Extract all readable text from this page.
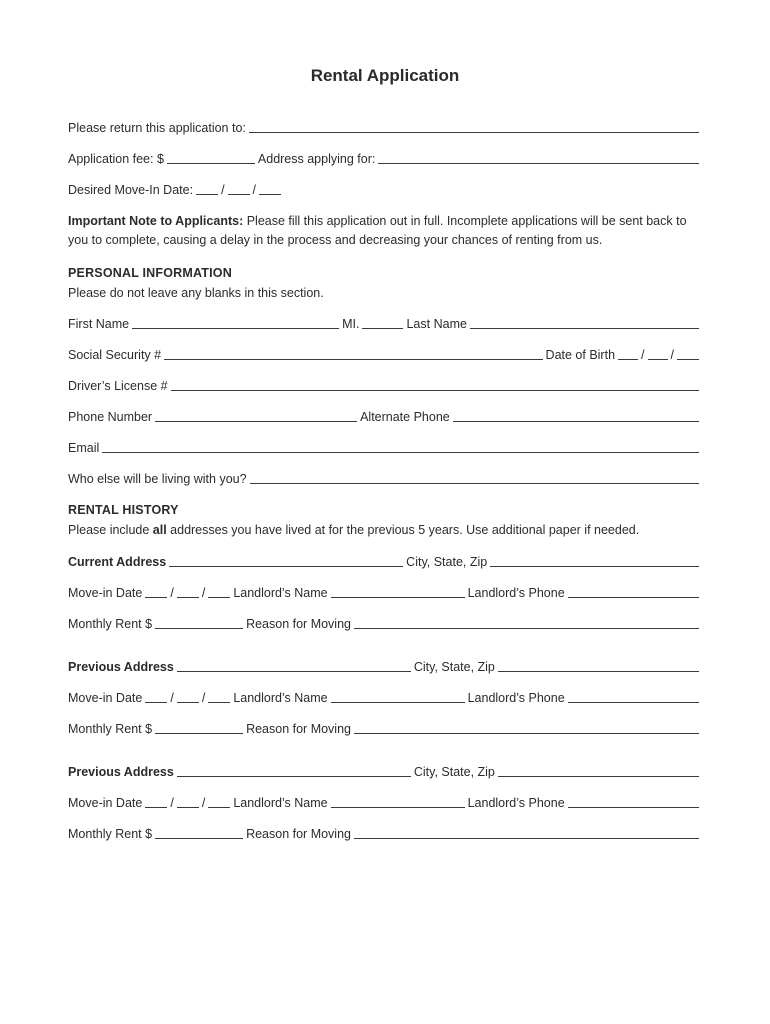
Rental Application
Please return this application to:
Application fee: $	Address applying for:
Desired Move-In Date: / /
Important Note to Applicants: Please fill this application out in full. Incomplete applications will be sent back to you to complete, causing a delay in the process and decreasing your chances of renting from us.
PERSONAL INFORMATION
Please do not leave any blanks in this section.
First Name	MI.	Last Name
Social Security #	Date of Birth / /
Driver’s License #
Phone Number	Alternate Phone
Email
Who else will be living with you?
RENTAL HISTORY
Please include all addresses you have lived at for the previous 5 years. Use additional paper if needed.
Current Address	City, State, Zip
Move-in Date / / Landlord’s Name	Landlord’s Phone
Monthly Rent $	Reason for Moving
Previous Address	City, State, Zip
Move-in Date / / Landlord’s Name	Landlord’s Phone
Monthly Rent $	Reason for Moving
Previous Address	City, State, Zip
Move-in Date / / Landlord’s Name	Landlord’s Phone
Monthly Rent $	Reason for Moving
